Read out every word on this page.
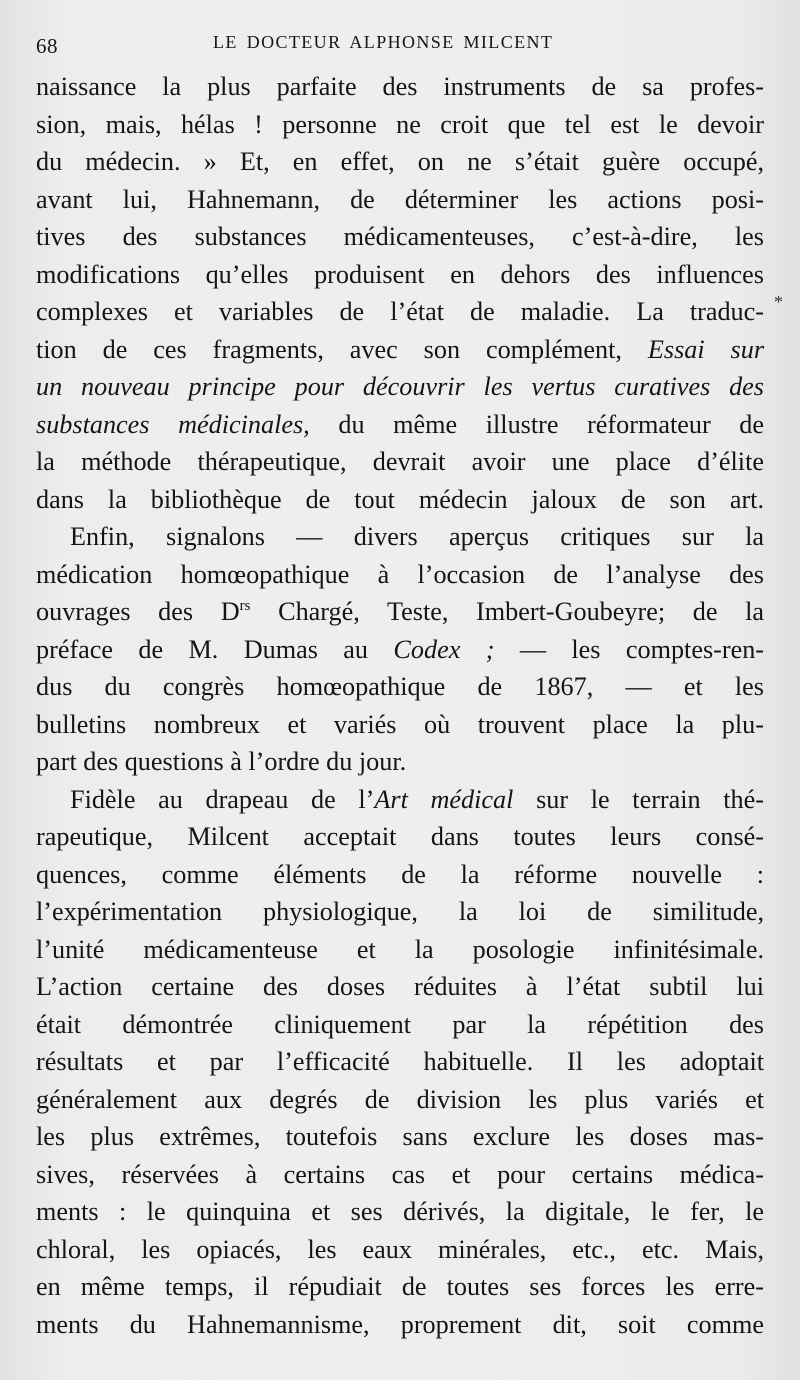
68	LE DOCTEUR ALPHONSE MILCENT
*
naissance la plus parfaite des instruments de sa profes-
sion, mais, hélas ! personne ne croit que tel est le devoir
du médecin. » Et, en effet, on ne s’était guère occupé,
avant lui, Hahnemann, de déterminer les actions posi-
tives des substances médicamenteuses, c’est-à-dire, les
modifications qu’elles produisent en dehors des influences
complexes et variables de l’état de maladie. La traduc-
tion de ces fragments, avec son complément, Essai sur
un nouveau principe pour découvrir les vertus curatives des
substances médicinales, du même illustre réformateur de
la méthode thérapeutique, devrait avoir une place d’élite
dans la bibliothèque de tout médecin jaloux de son art.
Enfin, signalons — divers aperçus critiques sur la
médication homœopathique à l’occasion de l’analyse des
ouvrages des $D^{rs}$ Chargé, Teste, Imbert-Goubeyre; de la
préface de M. Dumas au Codex ; — les comptes-ren-
dus du congrès homœopathique de 1867, — et les
bulletins nombreux et variés où trouvent place la plu-
part des questions à l’ordre du jour.
Fidèle au drapeau de l’Art médical sur le terrain thé-
rapeutique, Milcent acceptait dans toutes leurs consé-
quences, comme éléments de la réforme nouvelle :
l’expérimentation physiologique, la loi de similitude,
l’unité médicamenteuse et la posologie infinitésimale.
L’action certaine des doses réduites à l’état subtil lui
était démontrée cliniquement par la répétition des
résultats et par l’efficacité habituelle. Il les adoptait
généralement aux degrés de division les plus variés et
les plus extrêmes, toutefois sans exclure les doses mas-
sives, réservées à certains cas et pour certains médica-
ments : le quinquina et ses dérivés, la digitale, le fer, le
chloral, les opiacés, les eaux minérales, etc., etc. Mais,
en même temps, il répudiait de toutes ses forces les erre-
ments du Hahnemannisme, proprement dit, soit comme
